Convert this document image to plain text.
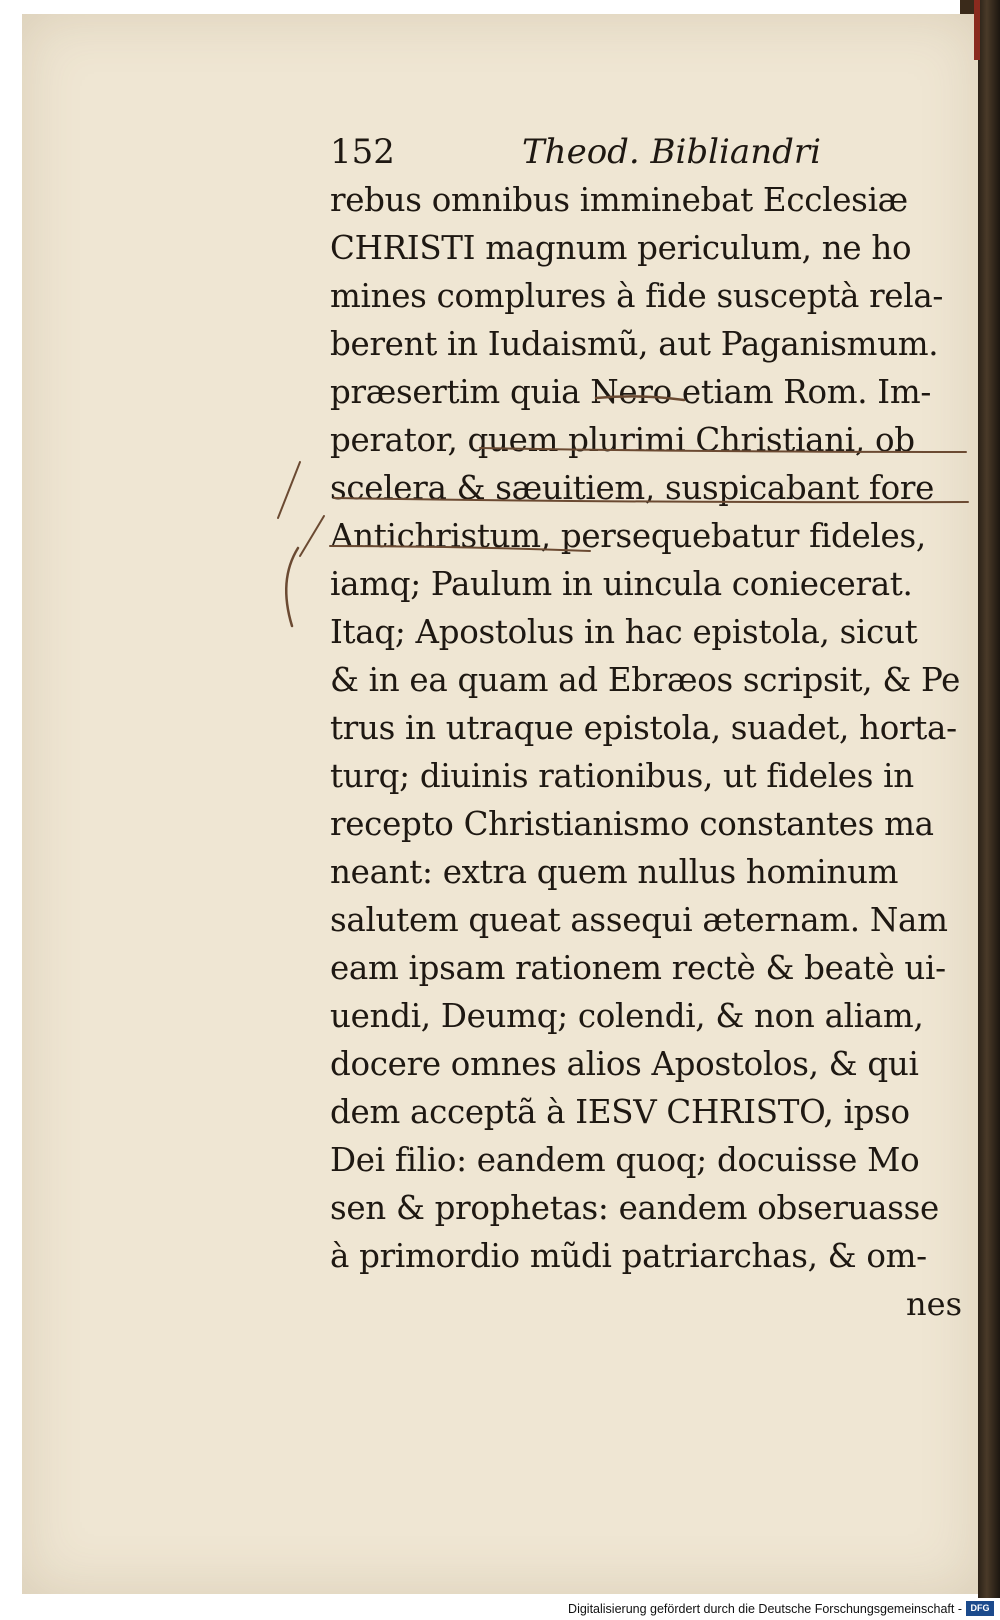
152	Theod. Bibliandri
rebus omnibus imminebat Ecclesiæ
CHRISTI magnum periculum, ne ho
mines complures à fide susceptà rela-
berent in Iudaismũ, aut Paganismum.
præsertim quia Nero etiam Rom. Im-
perator, quem plurimi Christiani, ob
scelera & sæuitiem, suspicabant fore
Antichristum, persequebatur fideles,
iamq; Paulum in uincula coniecerat.
Itaq; Apostolus in hac epistola, sicut
& in ea quam ad Ebræos scripsit, & Pe
trus in utraque epistola, suadet, horta-
turq; diuinis rationibus, ut fideles in
recepto Christianismo constantes ma
neant: extra quem nullus hominum
salutem queat assequi æternam. Nam
eam ipsam rationem rectè & beatè ui-
uendi, Deumq; colendi, & non aliam,
docere omnes alios Apostolos, & qui
dem acceptã à IESV CHRISTO, ipso
Dei filio: eandem quoq; docuisse Mo
sen & prophetas: eandem obseruasse
à primordio mũdi patriarchas, & om-
nes
Digitalisierung gefördert durch die Deutsche Forschungsgemeinschaft - DFG
